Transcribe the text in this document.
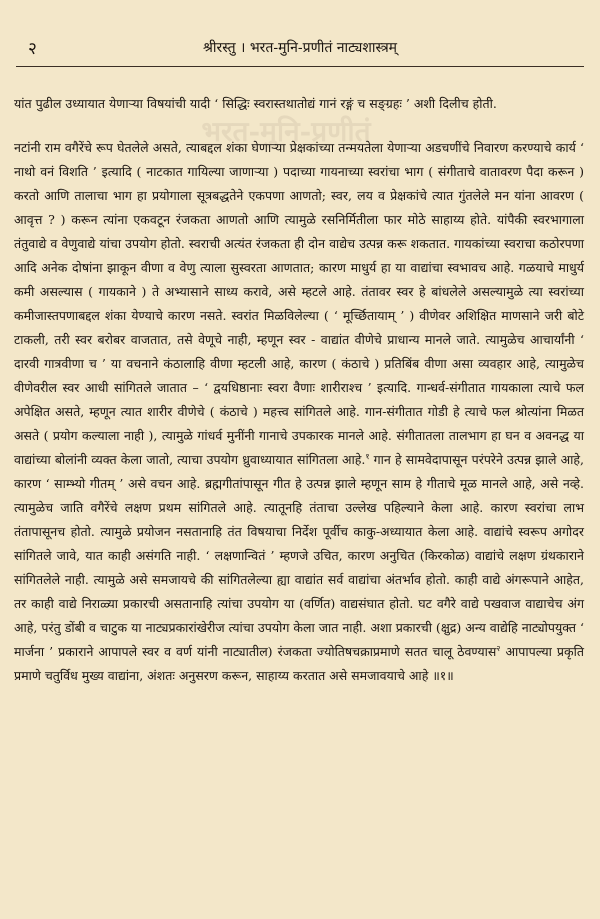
२	श्रीरस्तु । भरत-मुनि-प्रणीतं नाट्यशास्त्रम्
भरत-मुनि-प्रणीतं

यांत पुढील उध्यायात येणाऱ्या विषयांची यादी ‘ सिद्धिः स्वरास्तथातोद्यं गानं रङ्गं च सङ्ग्रहः ’ अशी दिलीच होती.

नटांनी राम वगैरेंचे रूप घेतलेले असते, त्याबद्दल शंका घेणाऱ्या प्रेक्षकांच्या तन्मयतेला येणाऱ्या अडचणींचे निवारण करण्याचे कार्य ‘ नाथो वनं विशति ’ इत्यादि ( नाटकात गायिल्या जाणाऱ्या ) पदाच्या गायनाच्या स्वरांचा भाग ( संगीताचे वातावरण पैदा करून ) करतो आणि तालाचा भाग हा प्रयोगाला सूत्रबद्धतेने एकपणा आणतो; स्वर, लय व प्रेक्षकांचे त्यात गुंतलेले मन यांना आवरण ( आवृत्त ? ) करून त्यांना एकवटून रंजकता आणतो आणि त्यामुळे रसनिर्मितीला फार मोठे साहाय्य होते. यांपैकी स्वरभागाला तंतुवाद्ये व वेणुवाद्ये यांचा उपयोग होतो. स्वराची अत्यंत रंजकता ही दोन वाद्येच उत्पन्न करू शकतात. गायकांच्या स्वराचा कठोरपणा आदि अनेक दोषांना झाकून वीणा व वेणु त्याला सुस्वरता आणतात; कारण माधुर्य हा या वाद्यांचा स्वभावच आहे. गळयाचे माधुर्य कमी असल्यास ( गायकाने ) ते अभ्यासाने साध्य करावे, असे म्हटले आहे. तंतावर स्वर हे बांधलेले असल्यामुळे त्या स्वरांच्या कमीजास्तपणाबद्दल शंका येण्याचे कारण नसते. स्वरांत मिळविलेल्या ( ‘ मूर्च्छितायाम् ’ ) वीणेवर अशिक्षित माणसाने जरी बोटे टाकली, तरी स्वर बरोबर वाजतात, तसे वेणूचे नाही, म्हणून स्वर - वाद्यांत वीणेचे प्राधान्य मानले जाते. त्यामुळेच आचार्यांनी ‘ दारवी गात्रवीणा च ’ या वचनाने कंठालाहि वीणा म्हटली आहे, कारण ( कंठाचे ) प्रतिबिंब वीणा असा व्यवहार आहे, त्यामुळेच वीणेवरील स्वर आधी सांगितले जातात – ‘ द्वयधिष्ठानाः स्वरा वैणाः शारीराश्च ’ इत्यादि. गान्धर्व-संगीतात गायकाला त्याचे फल अपेक्षित असते, म्हणून त्यात शारीर वीणेचे ( कंठाचे ) महत्त्व सांगितले आहे. गान-संगीतात गोडी हे त्याचे फल श्रोत्यांना मिळत असते ( प्रयोग कल्याला नाही ), त्यामुळे गांधर्व मुनींनी गानाचे उपकारक मानले आहे. संगीतातला तालभाग हा घन व अवनद्ध या वाद्यांच्या बोलांनी व्यक्त केला जातो, त्याचा उपयोग ध्रुवाध्यायात सांगितला आहे.$^१$ गान हे सामवेदापासून परंपरेने उत्पन्न झाले आहे, कारण ‘ साम्भ्यो गीतम् ’ असे वचन आहे. ब्रह्मगीतांपासून गीत हे उत्पन्न झाले म्हणून साम हे गीताचे मूळ मानले आहे, असे नव्हे. त्यामुळेच जाति वगैरेंचे लक्षण प्रथम सांगितले आहे. त्यातूनहि तंताचा उल्लेख पहिल्याने केला आहे. कारण स्वरांचा लाभ तंतापासूनच होतो. त्यामुळे प्रयोजन नसतानाहि तंत विषयाचा निर्देश पूर्वीच काकु-अध्यायात केला आहे. वाद्यांचे स्वरूप अगोदर सांगितले जावे, यात काही असंगति नाही. ‘ लक्षणान्वितं ’ म्हणजे उचित, कारण अनुचित (किरकोळ) वाद्यांचे लक्षण ग्रंथकाराने सांगितलेले नाही. त्यामुळे असे समजायचे की सांगितलेल्या ह्या वाद्यांत सर्व वाद्यांचा अंतर्भाव होतो. काही वाद्ये अंगरूपाने आहेत, तर काही वाद्ये निराळ्या प्रकारची असतानाहि त्यांचा उपयोग या (वर्णित) वाद्यसंघात होतो. घट वगैरे वाद्ये पखवाज वाद्याचेच अंग आहे, परंतु डोंबी व चाटुक या नाट्यप्रकारांखेरीज त्यांचा उपयोग केला जात नाही. अशा प्रकारची (क्षुद्र) अन्य वाद्येहि नाट्योपयुक्त ‘ मार्जना ’ प्रकाराने आपापले स्वर व वर्ण यांनी नाट्यातील) रंजकता ज्योतिषचक्राप्रमाणे सतत चालू ठेवण्यास$^२$ आपापल्या प्रकृति प्रमाणे चतुर्विध मुख्य वाद्यांना, अंशतः अनुसरण करून, साहाय्य करतात असे समजावयाचे आहे ॥१॥
